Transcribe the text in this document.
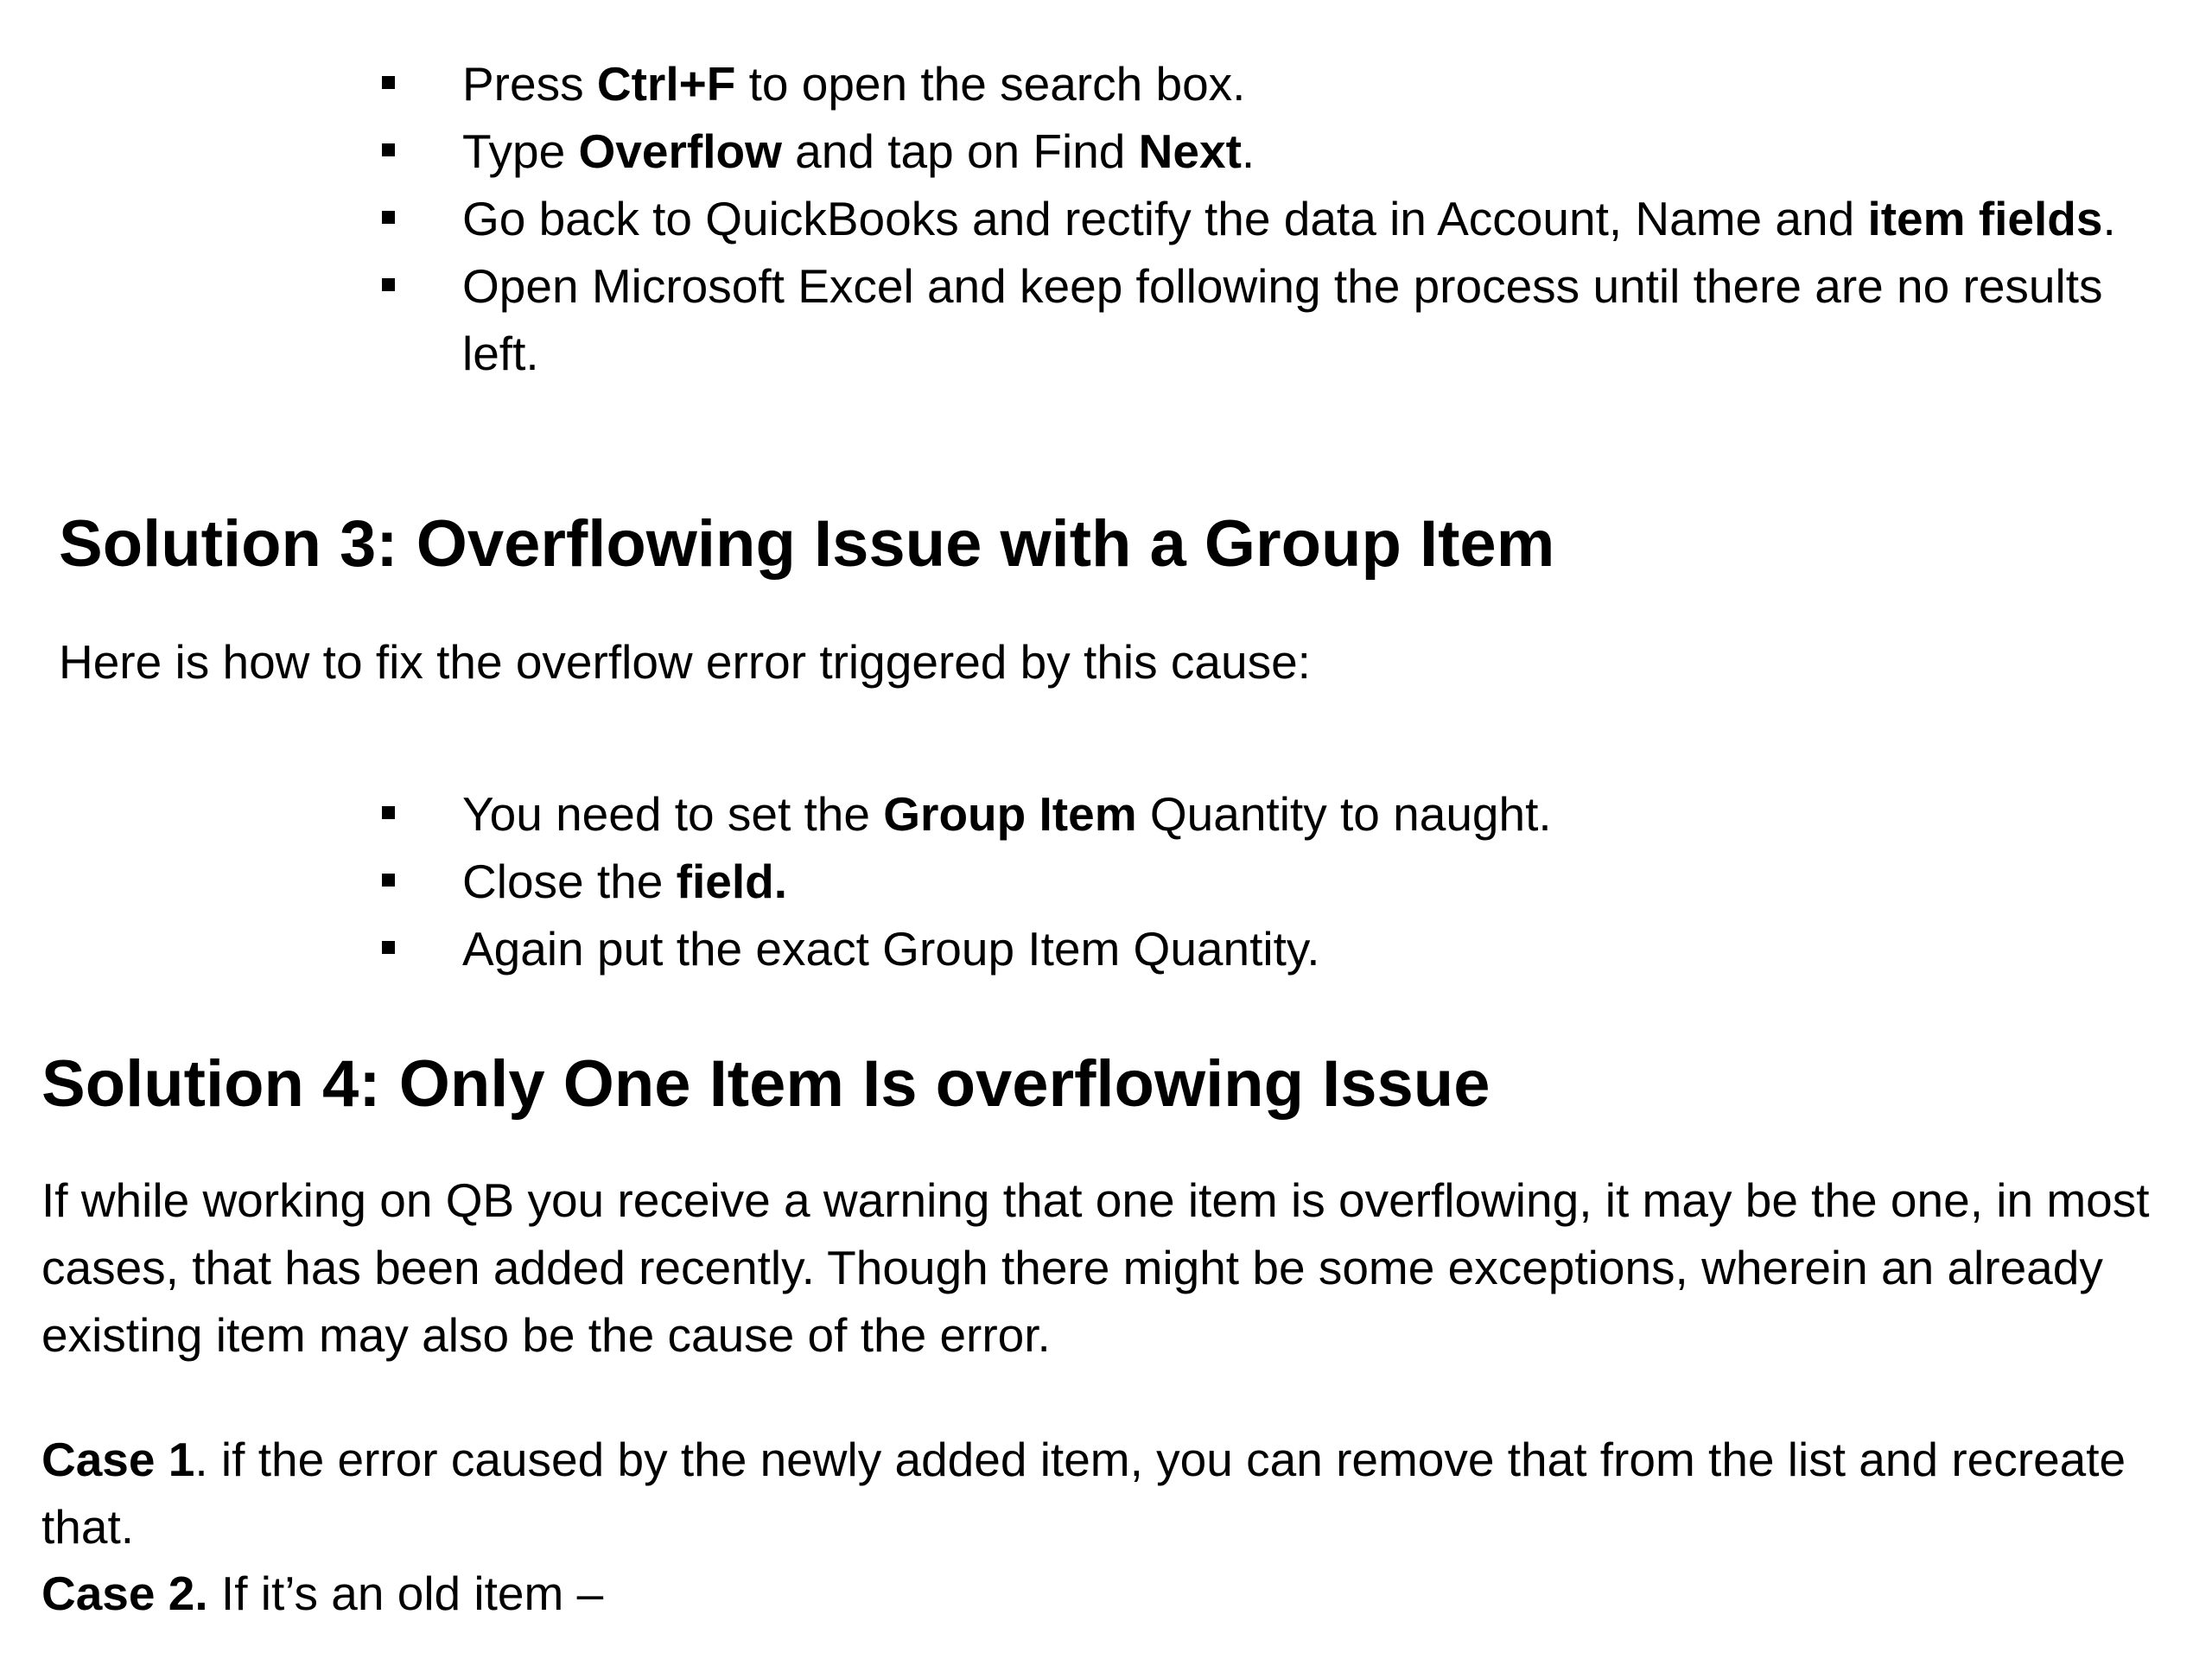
Press Ctrl+F to open the search box.
Type Overflow and tap on Find Next.
Go back to QuickBooks and rectify the data in Account, Name and item fields.
Open Microsoft Excel and keep following the process until there are no results left.
Solution 3: Overflowing Issue with a Group Item

Here is how to fix the overflow error triggered by this cause:

You need to set the Group Item Quantity to naught.
Close the field.
Again put the exact Group Item Quantity.
Solution 4: Only One Item Is overflowing Issue

If while working on QB you receive a warning that one item is overflowing, it may be the one, in most cases, that has been added recently. Though there might be some exceptions, wherein an already existing item may also be the cause of the error.

Case 1. if the error caused by the newly added item, you can remove that from the list and recreate that.

Case 2. If it’s an old item –
